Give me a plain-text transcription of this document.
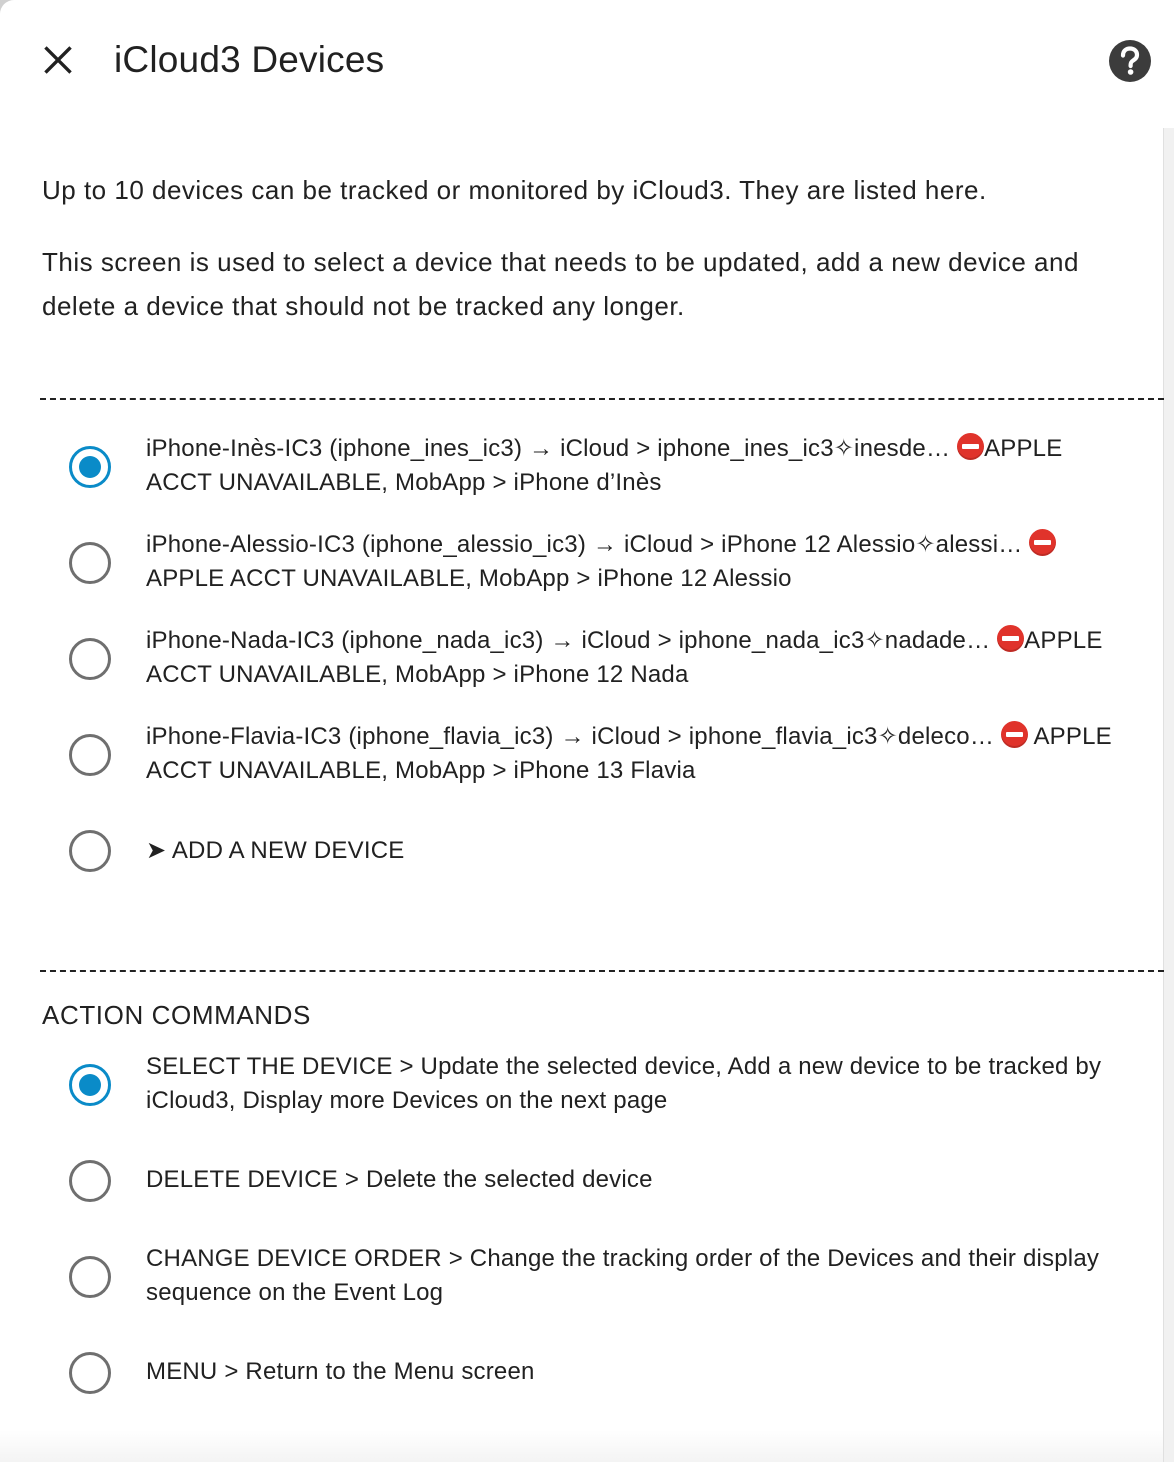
iCloud3 Devices

Up to 10 devices can be tracked or monitored by iCloud3. They are listed here.

This screen is used to select a device that needs to be updated, add a new device and delete a device that should not be tracked any longer.

iPhone-Inès-IC3 (iphone_ines_ic3) → iCloud > iphone_ines_ic3✧inesde… APPLE ACCT UNAVAILABLE, MobApp > iPhone d’Inès
iPhone-Alessio-IC3 (iphone_alessio_ic3) → iCloud > iPhone 12 Alessio✧alessi…  APPLE ACCT UNAVAILABLE, MobApp > iPhone 12 Alessio
iPhone-Nada-IC3 (iphone_nada_ic3) → iCloud > iphone_nada_ic3✧nadade… APPLE ACCT UNAVAILABLE, MobApp > iPhone 12 Nada
iPhone-Flavia-IC3 (iphone_flavia_ic3) → iCloud > iphone_flavia_ic3✧deleco…  APPLE ACCT UNAVAILABLE, MobApp > iPhone 13 Flavia
➤ ADD A NEW DEVICE
ACTION COMMANDS
SELECT THE DEVICE > Update the selected device, Add a new device to be tracked by iCloud3, Display more Devices on the next page
DELETE DEVICE > Delete the selected device
CHANGE DEVICE ORDER > Change the tracking order of the Devices and their display sequence on the Event Log
MENU > Return to the Menu screen
